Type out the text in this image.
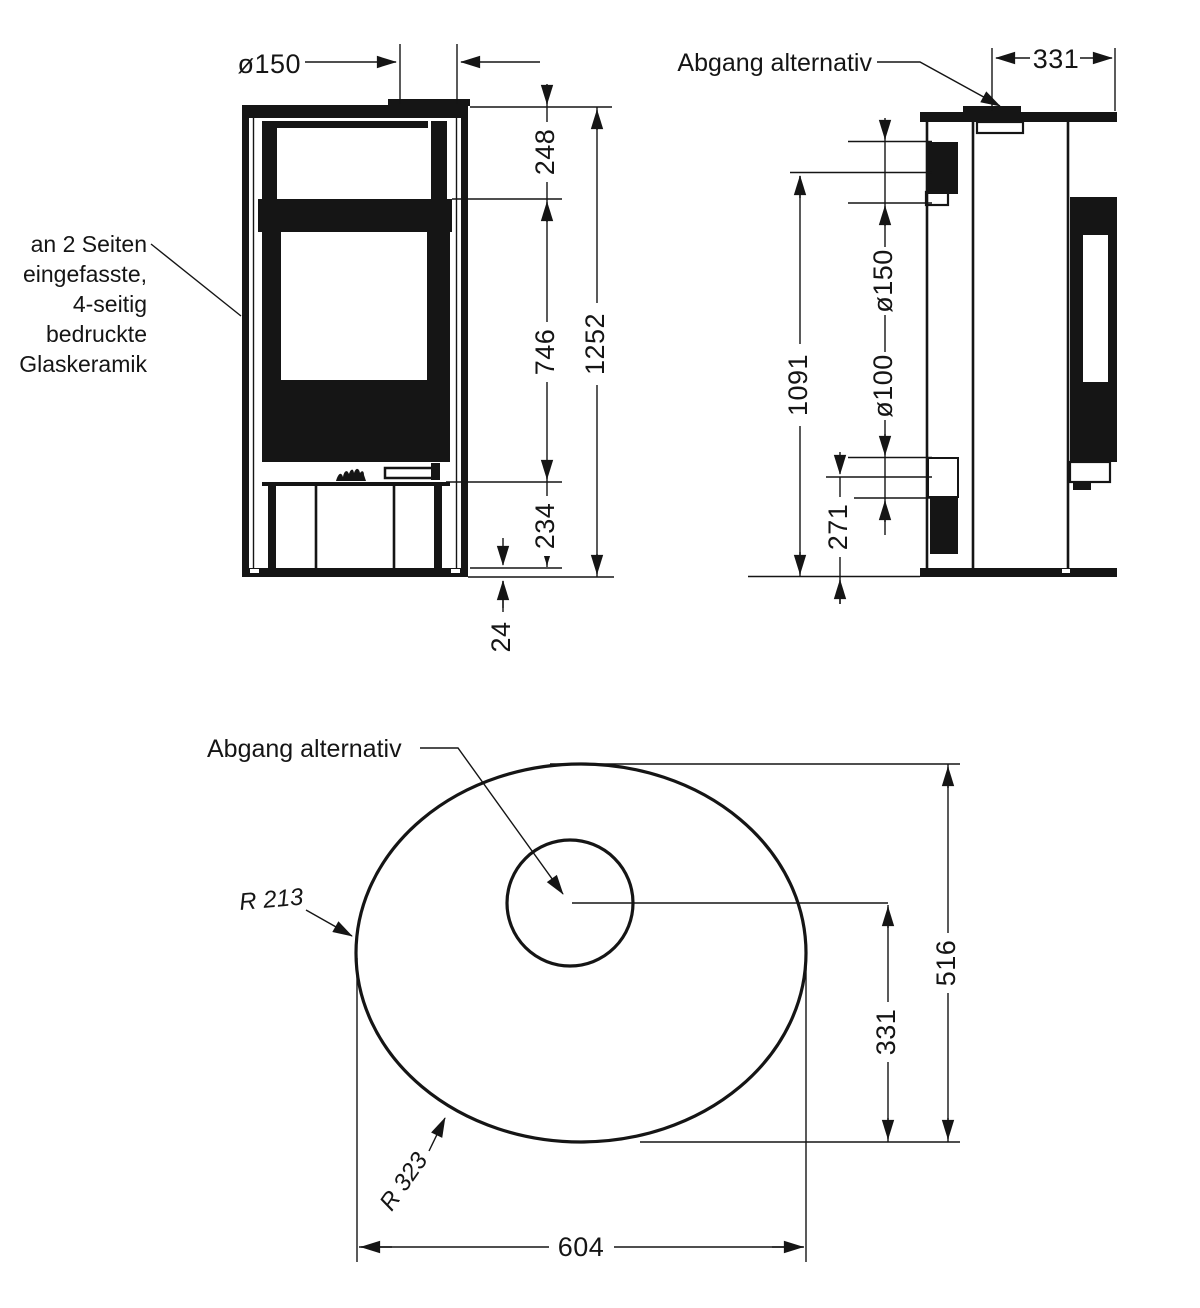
ø150
248
746
234
1252
24
an 2 Seiten
eingefasste,
4-seitig
bedruckte
Glaskeramik
Abgang alternativ	331
ø150
ø100
1091
271
Abgang alternativ
331
516
604
R 213
R 323
